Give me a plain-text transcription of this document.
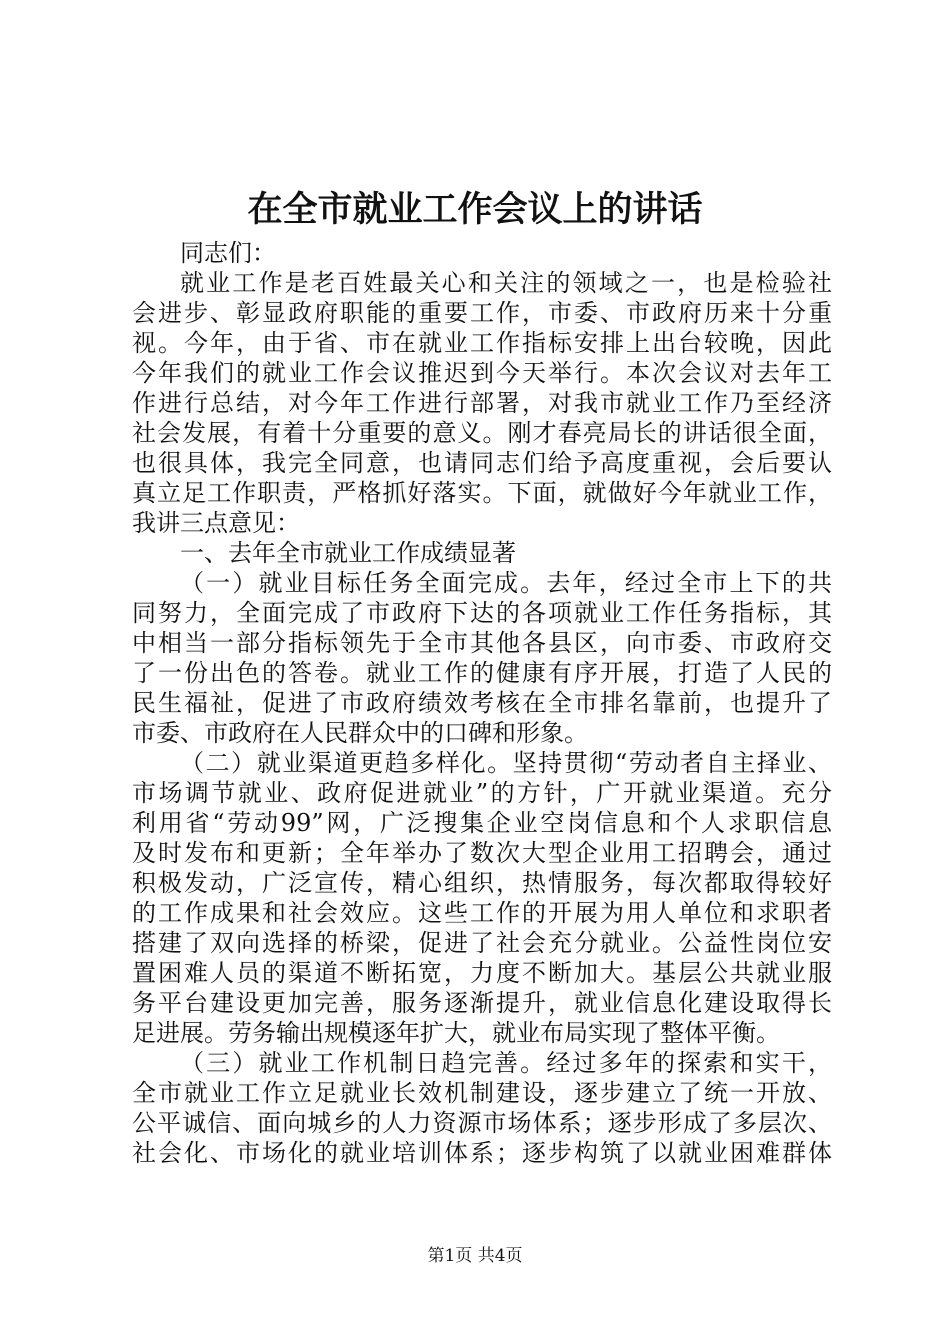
在全市就业工作会议上的讲话
同志们：
就业工作是老百姓最关心和关注的领域之一，也是检验社
会进步、彰显政府职能的重要工作，市委、市政府历来十分重
视。今年，由于省、市在就业工作指标安排上出台较晚，因此
今年我们的就业工作会议推迟到今天举行。本次会议对去年工
作进行总结，对今年工作进行部署，对我市就业工作乃至经济
社会发展，有着十分重要的意义。刚才春亮局长的讲话很全面，
也很具体，我完全同意，也请同志们给予高度重视，会后要认
真立足工作职责，严格抓好落实。下面，就做好今年就业工作，
我讲三点意见：
一、去年全市就业工作成绩显著
（一）就业目标任务全面完成。去年，经过全市上下的共
同努力，全面完成了市政府下达的各项就业工作任务指标，其
中相当一部分指标领先于全市其他各县区，向市委、市政府交
了一份出色的答卷。就业工作的健康有序开展，打造了人民的
民生福祉，促进了市政府绩效考核在全市排名靠前，也提升了
市委、市政府在人民群众中的口碑和形象。
（二）就业渠道更趋多样化。坚持贯彻“劳动者自主择业、
市场调节就业、政府促进就业”的方针，广开就业渠道。充分
利用省“劳动99”网，广泛搜集企业空岗信息和个人求职信息
及时发布和更新；全年举办了数次大型企业用工招聘会，通过
积极发动，广泛宣传，精心组织，热情服务，每次都取得较好
的工作成果和社会效应。这些工作的开展为用人单位和求职者
搭建了双向选择的桥梁，促进了社会充分就业。公益性岗位安
置困难人员的渠道不断拓宽，力度不断加大。基层公共就业服
务平台建设更加完善，服务逐渐提升，就业信息化建设取得长
足进展。劳务输出规模逐年扩大，就业布局实现了整体平衡。
（三）就业工作机制日趋完善。经过多年的探索和实干，
全市就业工作立足就业长效机制建设，逐步建立了统一开放、
公平诚信、面向城乡的人力资源市场体系；逐步形成了多层次、
社会化、市场化的就业培训体系；逐步构筑了以就业困难群体
第1页 共4页
